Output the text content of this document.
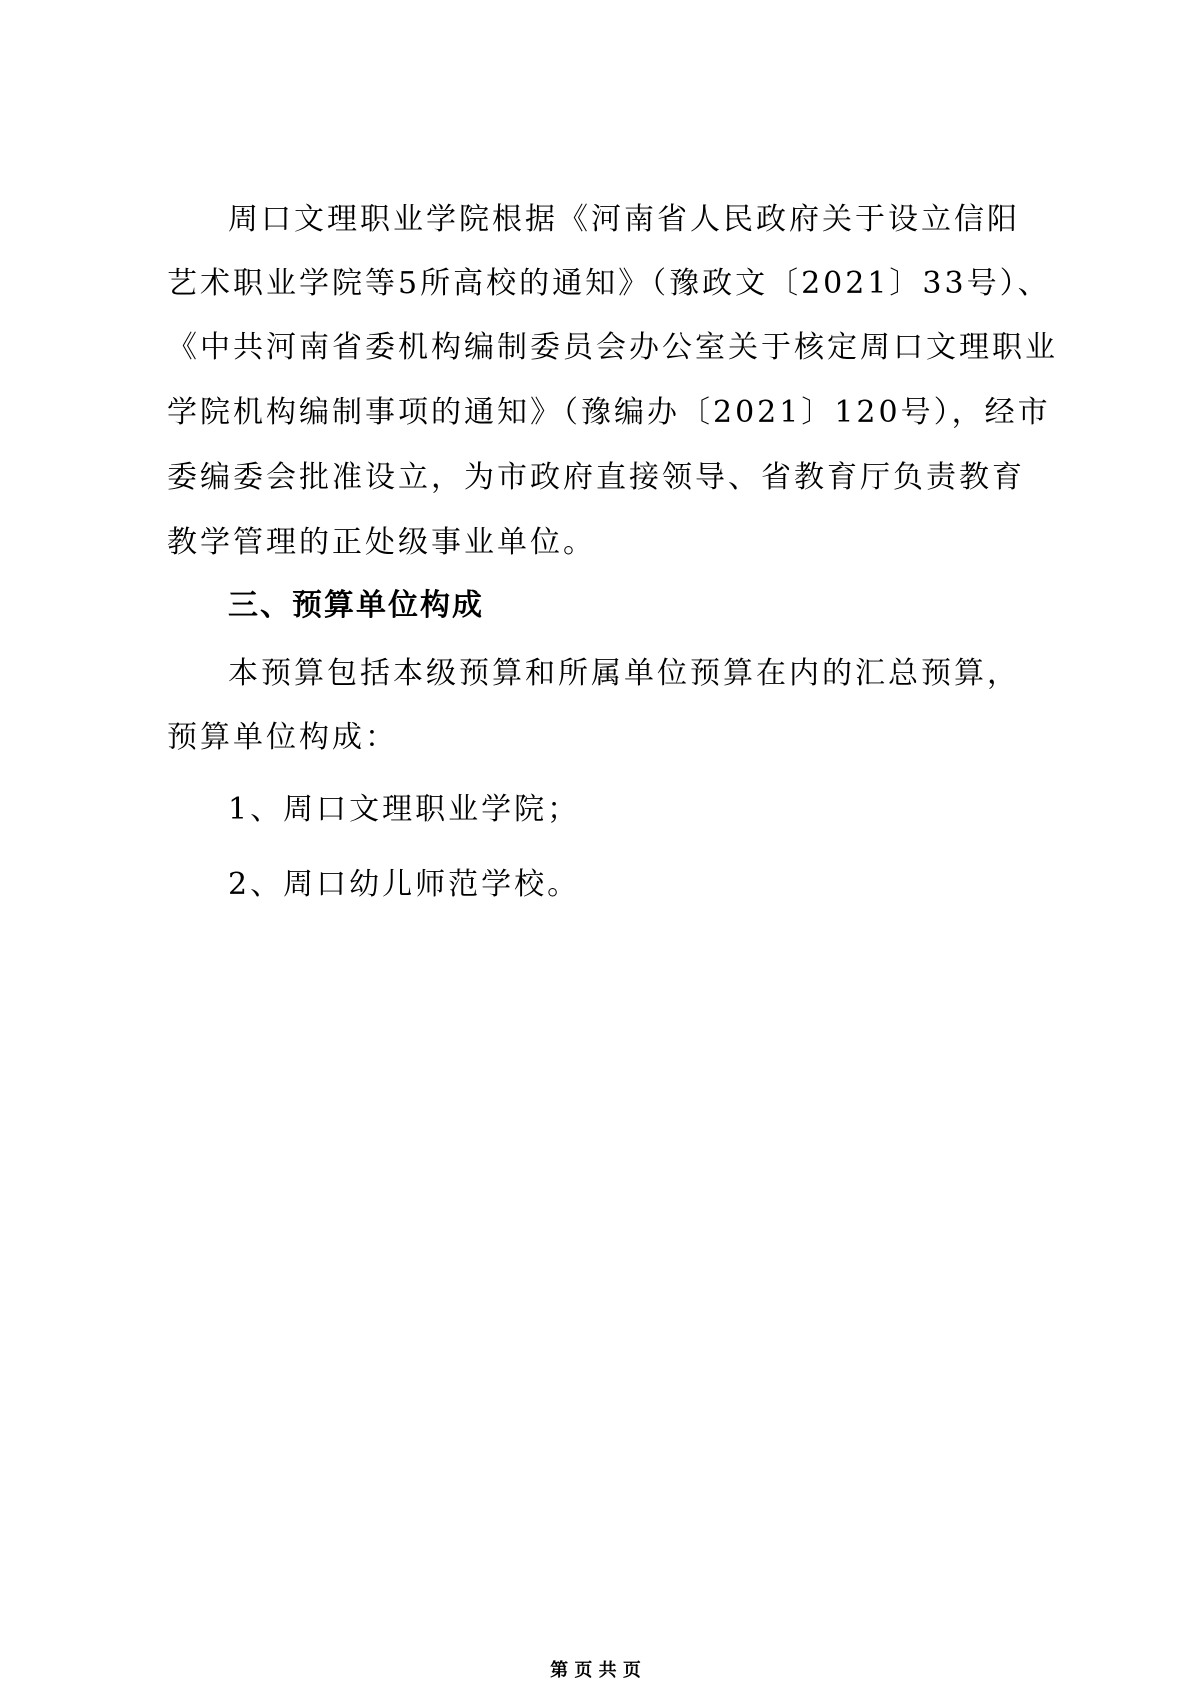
周口文理职业学院根据《河南省人民政府关于设立信阳
艺术职业学院等5所高校的通知》（豫政文〔2021〕33号）、
《中共河南省委机构编制委员会办公室关于核定周口文理职业
学院机构编制事项的通知》（豫编办〔2021〕120号），经市
委编委会批准设立，为市政府直接领导、省教育厅负责教育
教学管理的正处级事业单位。
三、预算单位构成
本预算包括本级预算和所属单位预算在内的汇总预算，
预算单位构成：
1、周口文理职业学院；
2、周口幼儿师范学校。
第 页 共 页
